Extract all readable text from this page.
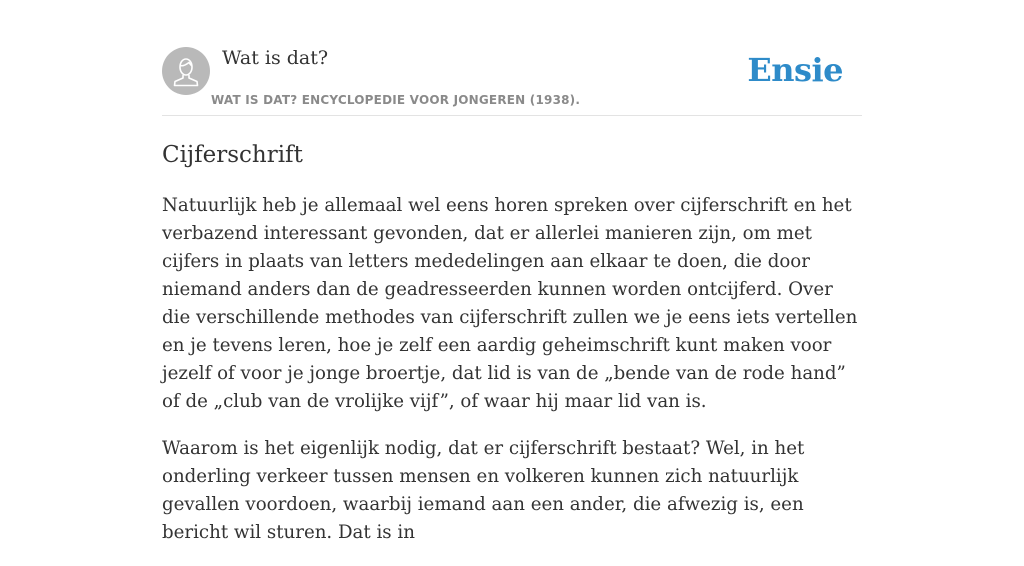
Wat is dat?
WAT IS DAT? ENCYCLOPEDIE VOOR JONGEREN (1938).
Ensie
Cijferschrift

Natuurlijk heb je allemaal wel eens horen spreken over cijferschrift en het verbazend interessant gevonden, dat er allerlei manieren zijn, om met cijfers in plaats van letters mededelingen aan elkaar te doen, die door niemand anders dan de geadresseerden kunnen worden ontcijferd. Over die verschillende methodes van cijferschrift zullen we je eens iets vertellen en je tevens leren, hoe je zelf een aardig geheimschrift kunt maken voor jezelf of voor je jonge broertje, dat lid is van de „bende van de rode hand” of de „club van de vrolijke vijf”, of waar hij maar lid van is.

Waarom is het eigenlijk nodig, dat er cijferschrift bestaat? Wel, in het onderling verkeer tussen mensen en volkeren kunnen zich natuurlijk gevallen voordoen, waarbij iemand aan een ander, die afwezig is, een bericht wil sturen. Dat is in
